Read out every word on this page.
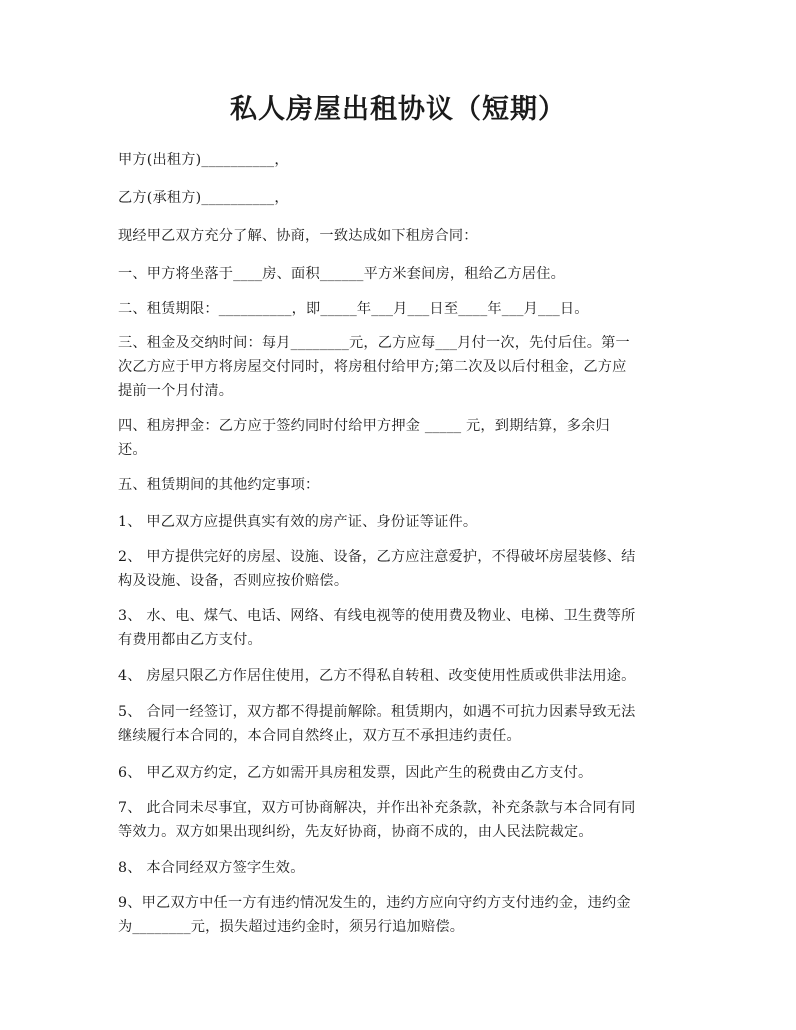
私人房屋出租协议（短期）
甲方(出租方)__________，
乙方(承租方)__________，
现经甲乙双方充分了解、协商，一致达成如下租房合同：
一、甲方将坐落于____房、面积______平方米套间房，租给乙方居住。
二、租赁期限：__________，即_____年___月___日至____年___月___日。
三、租金及交纳时间：每月________元，乙方应每___月付一次，先付后住。第一
次乙方应于甲方将房屋交付同时，将房租付给甲方;第二次及以后付租金，乙方应
提前一个月付清。
四、租房押金：乙方应于签约同时付给甲方押金 _____ 元，到期结算，多余归
还。
五、租赁期间的其他约定事项：
1、 甲乙双方应提供真实有效的房产证、身份证等证件。
2、 甲方提供完好的房屋、设施、设备，乙方应注意爱护，不得破坏房屋装修、结
构及设施、设备，否则应按价赔偿。
3、 水、电、煤气、电话、网络、有线电视等的使用费及物业、电梯、卫生费等所
有费用都由乙方支付。
4、 房屋只限乙方作居住使用，乙方不得私自转租、改变使用性质或供非法用途。
5、 合同一经签订，双方都不得提前解除。租赁期内，如遇不可抗力因素导致无法
继续履行本合同的，本合同自然终止，双方互不承担违约责任。
6、 甲乙双方约定，乙方如需开具房租发票，因此产生的税费由乙方支付。
7、 此合同未尽事宜，双方可协商解决，并作出补充条款，补充条款与本合同有同
等效力。双方如果出现纠纷，先友好协商，协商不成的，由人民法院裁定。
8、 本合同经双方签字生效。
9、甲乙双方中任一方有违约情况发生的，违约方应向守约方支付违约金，违约金
为________元，损失超过违约金时，须另行追加赔偿。
